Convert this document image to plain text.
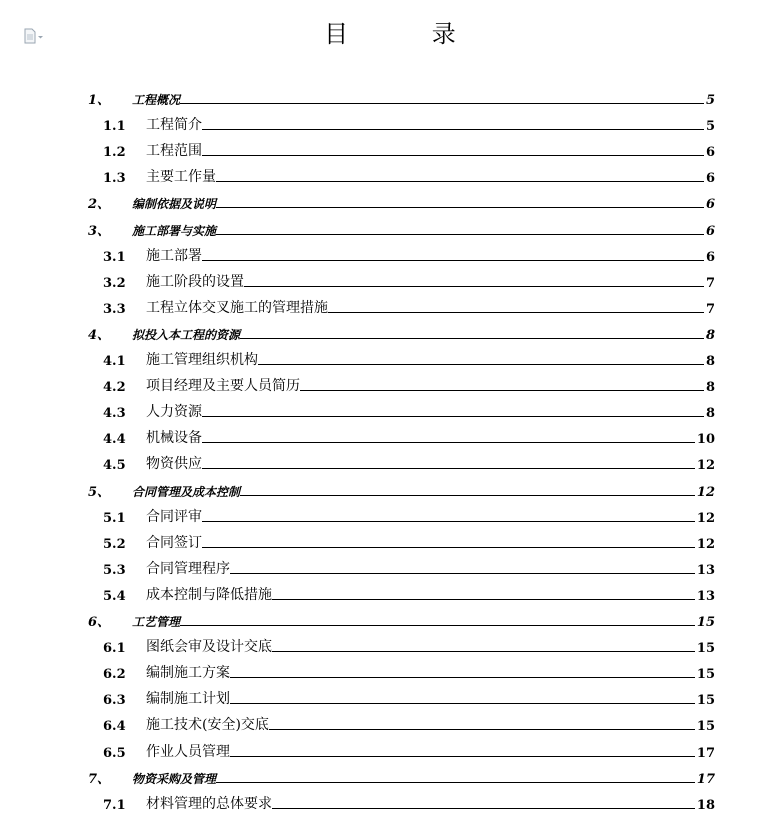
目 录
1、	工程概况	5
1.1	工程简介	5
1.2	工程范围	6
1.3	主要工作量	6
2、	编制依据及说明	6
3、	施工部署与实施	6
3.1	施工部署	6
3.2	施工阶段的设置	7
3.3	工程立体交叉施工的管理措施	7
4、	拟投入本工程的资源	8
4.1	施工管理组织机构	8
4.2	项目经理及主要人员简历	8
4.3	人力资源	8
4.4	机械设备	10
4.5	物资供应	12
5、	合同管理及成本控制	12
5.1	合同评审	12
5.2	合同签订	12
5.3	合同管理程序	13
5.4	成本控制与降低措施	13
6、	工艺管理	15
6.1	图纸会审及设计交底	15
6.2	编制施工方案	15
6.3	编制施工计划	15
6.4	施工技术(安全)交底	15
6.5	作业人员管理	17
7、	物资采购及管理	17
7.1	材料管理的总体要求	18
